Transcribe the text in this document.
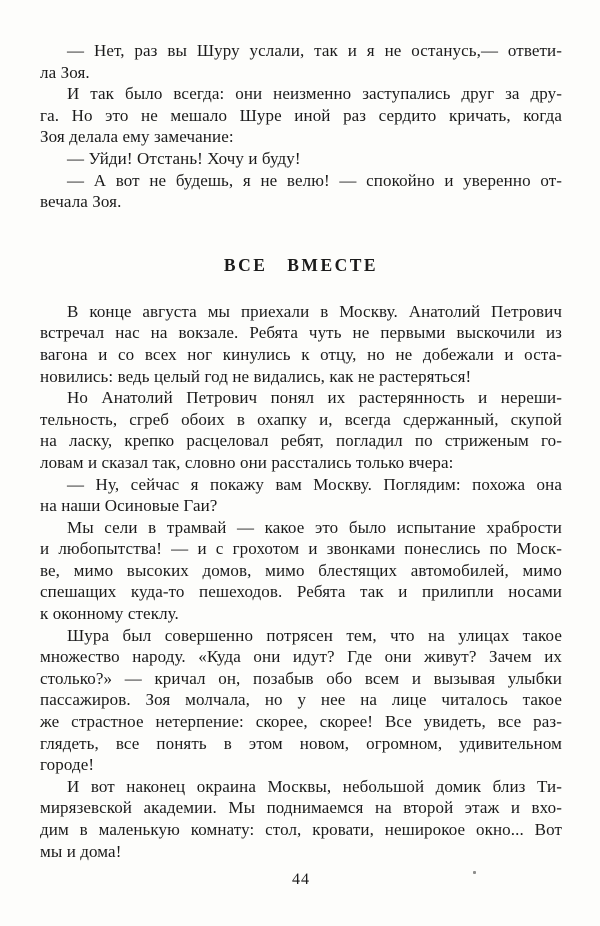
— Нет, раз вы Шуру услали, так и я не останусь,— ответи-
ла Зоя.
И так было всегда: они неизменно заступались друг за дру-
га. Но это не мешало Шуре иной раз сердито кричать, когда
Зоя делала ему замечание:
— Уйди! Отстань! Хочу и буду!
— А вот не будешь, я не велю! — спокойно и уверенно от-
вечала Зоя.
ВСЕ ВМЕСТЕ
В конце августа мы приехали в Москву. Анатолий Петрович
встречал нас на вокзале. Ребята чуть не первыми выскочили из
вагона и со всех ног кинулись к отцу, но не добежали и оста-
новились: ведь целый год не видались, как не растеряться!
Но Анатолий Петрович понял их растерянность и нереши-
тельность, сгреб обоих в охапку и, всегда сдержанный, скупой
на ласку, крепко расцеловал ребят, погладил по стриженым го-
ловам и сказал так, словно они расстались только вчера:
— Ну, сейчас я покажу вам Москву. Поглядим: похожа она
на наши Осиновые Гаи?
Мы сели в трамвай — какое это было испытание храбрости
и любопытства! — и с грохотом и звонками понеслись по Моск-
ве, мимо высоких домов, мимо блестящих автомобилей, мимо
спешащих куда-то пешеходов. Ребята так и прилипли носами
к оконному стеклу.
Шура был совершенно потрясен тем, что на улицах такое
множество народу. «Куда они идут? Где они живут? Зачем их
столько?» — кричал он, позабыв обо всем и вызывая улыбки
пассажиров. Зоя молчала, но у нее на лице читалось такое
же страстное нетерпение: скорее, скорее! Все увидеть, все раз-
глядеть, все понять в этом новом, огромном, удивительном
городе!
И вот наконец окраина Москвы, небольшой домик близ Ти-
мирязевской академии. Мы поднимаемся на второй этаж и вхо-
дим в маленькую комнату: стол, кровати, неширокое окно... Вот
мы и дома!
44
